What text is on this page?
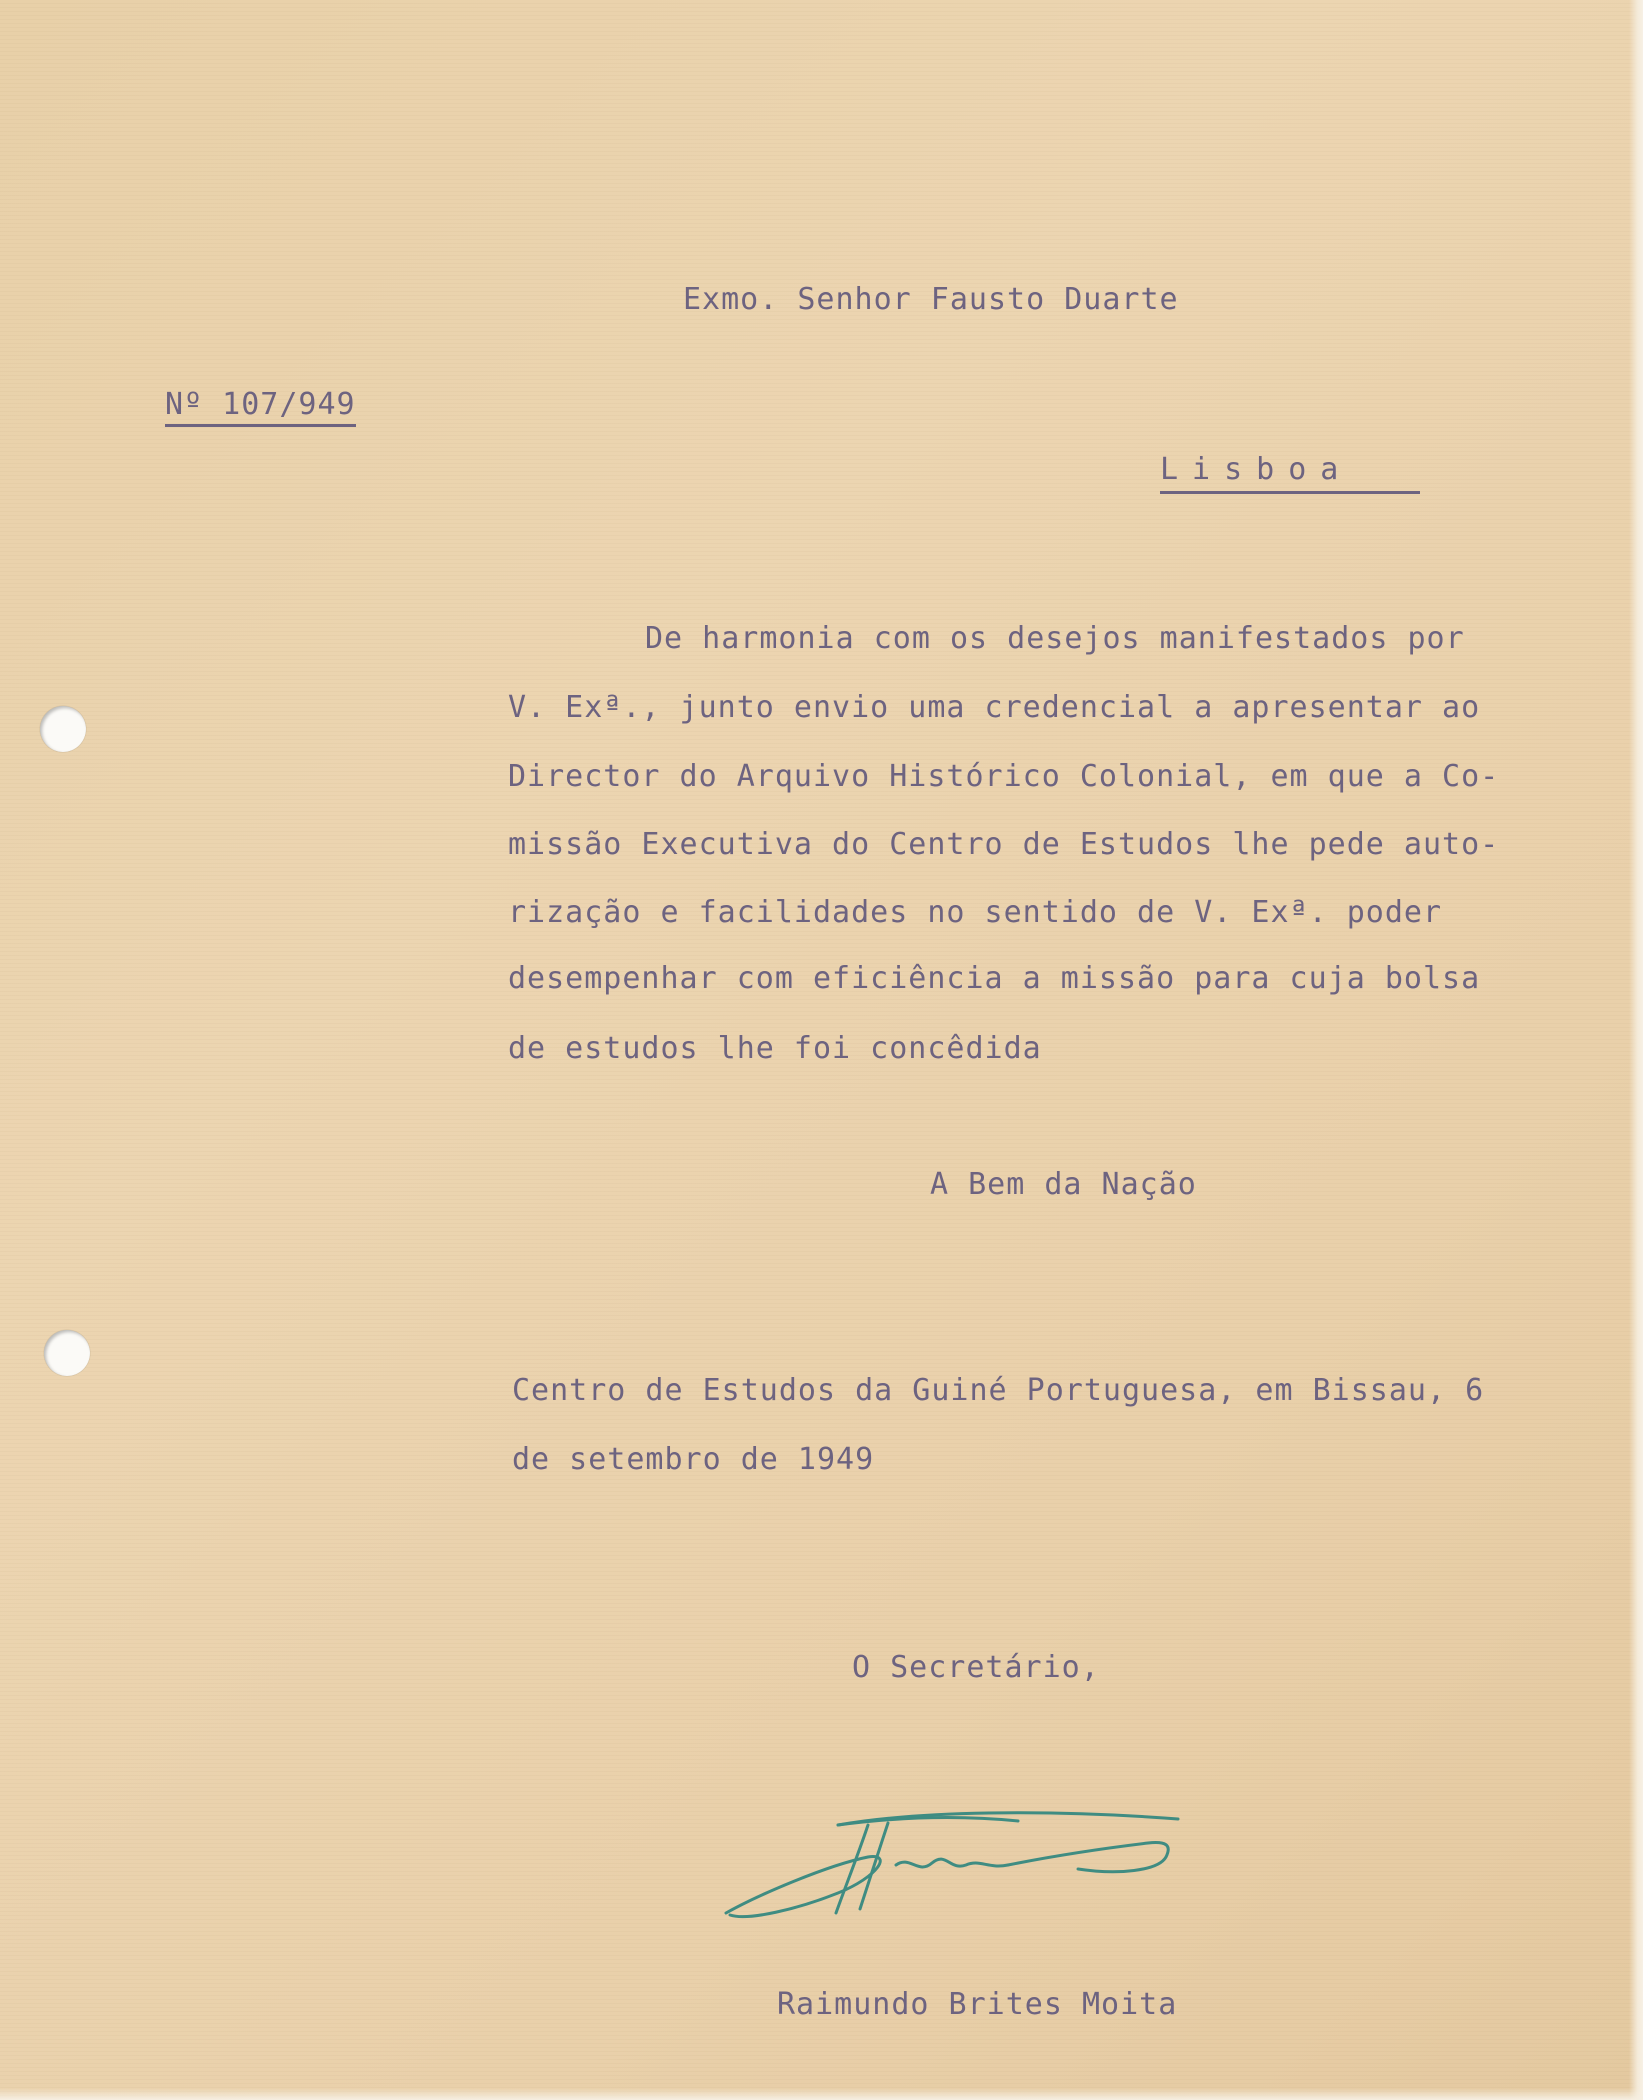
Exmo. Senhor Fausto Duarte
Nº 107/949
Lisboa
De harmonia com os desejos manifestados por
V. Exª., junto envio uma credencial a apresentar ao
Director do Arquivo Histórico Colonial, em que a Co-
missão Executiva do Centro de Estudos lhe pede auto-
rização e facilidades no sentido de V. Exª. poder
desempenhar com eficiência a missão para cuja bolsa
de estudos lhe foi concêdida
A Bem da Nação
Centro de Estudos da Guiné Portuguesa, em Bissau, 6
de setembro de 1949
O Secretário,
Raimundo Brites Moita
